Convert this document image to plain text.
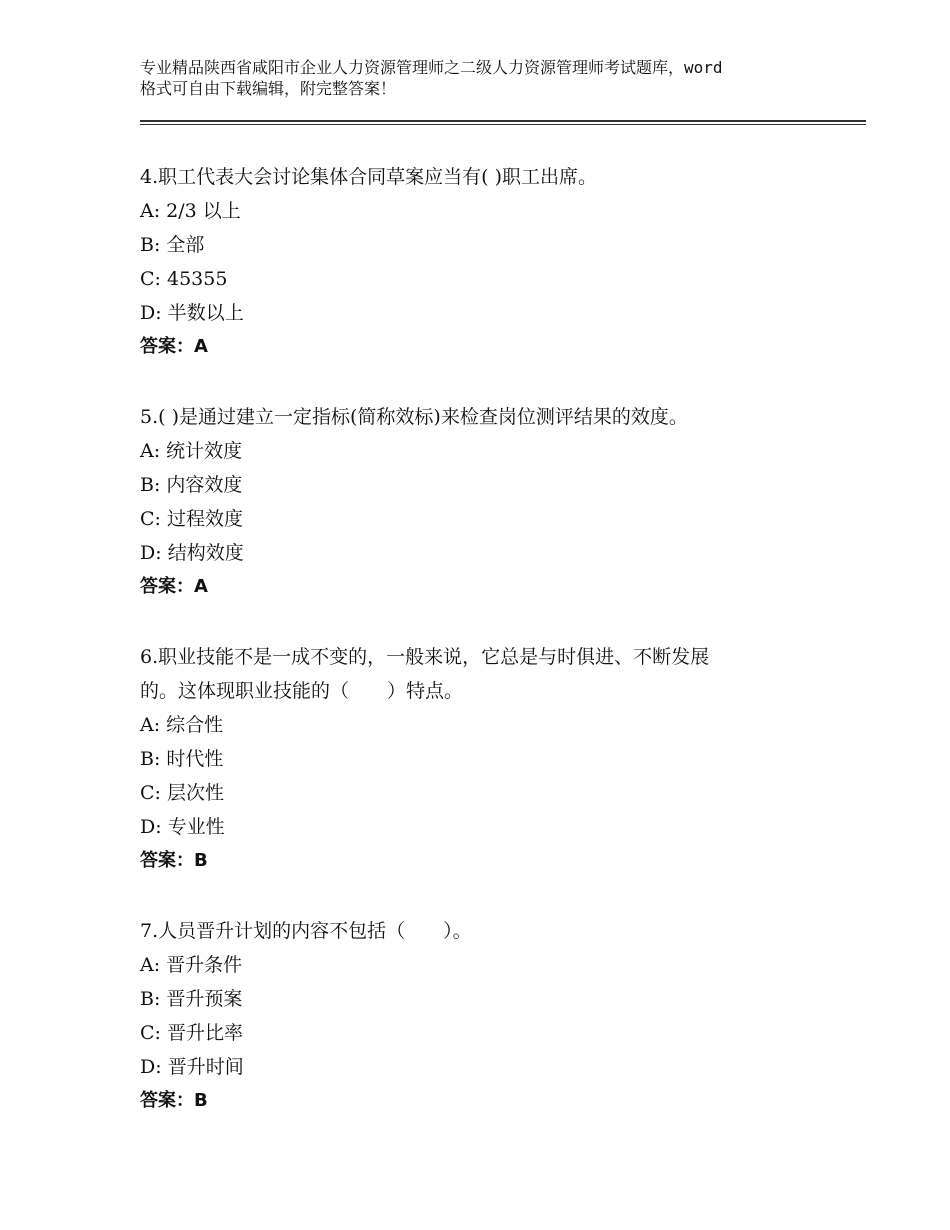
专业精品陕西省咸阳市企业人力资源管理师之二级人力资源管理师考试题库，word
格式可自由下载编辑，附完整答案！
4.职工代表大会讨论集体合同草案应当有( )职工出席。
A: 2/3 以上
B: 全部
C: 45355
D: 半数以上
答案：A
5.( )是通过建立一定指标(简称效标)来检查岗位测评结果的效度。
A: 统计效度
B: 内容效度
C: 过程效度
D: 结构效度
答案：A
6.职业技能不是一成不变的，一般来说，它总是与时俱进、不断发展
的。这体现职业技能的（　　）特点。
A: 综合性
B: 时代性
C: 层次性
D: 专业性
答案：B
7.人员晋升计划的内容不包括（　　）。
A: 晋升条件
B: 晋升预案
C: 晋升比率
D: 晋升时间
答案：B
